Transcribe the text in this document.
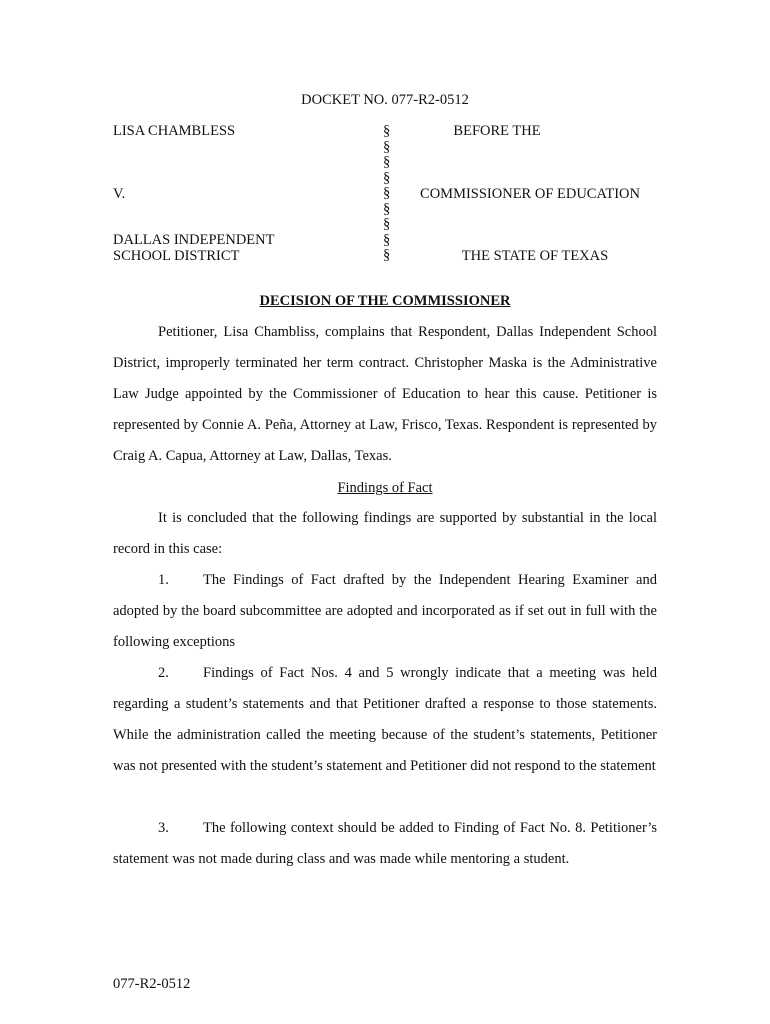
DOCKET NO. 077-R2-0512
LISA CHAMBLESS
V.
DALLAS INDEPENDENT
SCHOOL DISTRICT
§
§
§
§
§
§
§
§
§
BEFORE THE
COMMISSIONER OF EDUCATION
THE STATE OF TEXAS
DECISION OF THE COMMISSIONER

Petitioner, Lisa Chambliss, complains that Respondent, Dallas Independent School District, improperly terminated her term contract. Christopher Maska is the Administrative Law Judge appointed by the Commissioner of Education to hear this cause. Petitioner is represented by Connie A. Peña, Attorney at Law, Frisco, Texas. Respondent is represented by Craig A. Capua, Attorney at Law, Dallas, Texas.

Findings of Fact

It is concluded that the following findings are supported by substantial in the local record in this case:

1. The Findings of Fact drafted by the Independent Hearing Examiner and adopted by the board subcommittee are adopted and incorporated as if set out in full with the following exceptions

2. Findings of Fact Nos. 4 and 5 wrongly indicate that a meeting was held regarding a student’s statements and that Petitioner drafted a response to those statements. While the administration called the meeting because of the student’s statements, Petitioner was not presented with the student’s statement and Petitioner did not respond to the statement

3. The following context should be added to Finding of Fact No. 8. Petitioner’s statement was not made during class and was made while mentoring a student.

077-R2-0512
